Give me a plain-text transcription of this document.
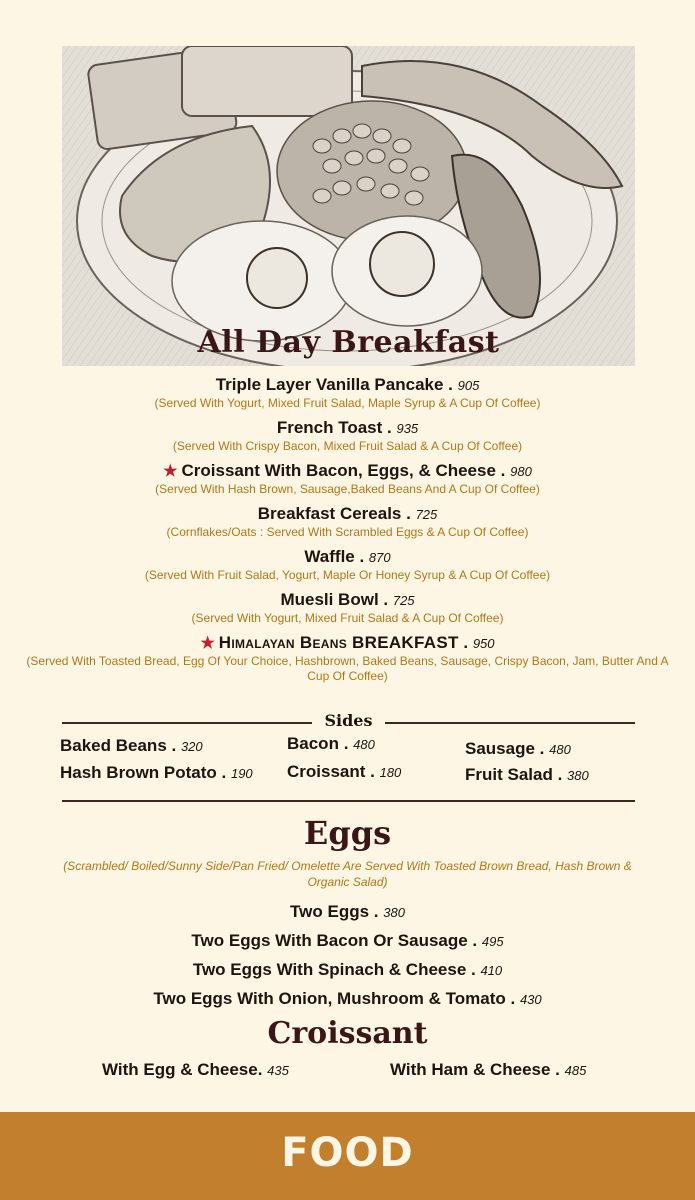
All Day Breakfast
Triple Layer Vanilla Pancake . 905
(Served With Yogurt, Mixed Fruit Salad, Maple Syrup & A Cup Of Coffee)
French Toast . 935
(Served With Crispy Bacon, Mixed Fruit Salad & A Cup Of Coffee)
★ Croissant With Bacon, Eggs, & Cheese . 980
(Served With Hash Brown, Sausage,Baked Beans And A Cup Of Coffee)
Breakfast Cereals . 725
(Cornflakes/Oats : Served With Scrambled Eggs & A Cup Of Coffee)
Waffle . 870
(Served With Fruit Salad, Yogurt, Maple Or Honey Syrup & A Cup Of Coffee)
Muesli Bowl . 725
(Served With Yogurt, Mixed Fruit Salad & A Cup Of Coffee)
★ Himalayan Beans BREAKFAST . 950
(Served With Toasted Bread, Egg Of Your Choice, Hashbrown, Baked Beans, Sausage, Crispy Bacon, Jam, Butter And A Cup Of Coffee)
Sides
Baked Beans . 320	Bacon . 480	Sausage . 480
Hash Brown Potato . 190 Croissant . 180	Fruit Salad . 380
Eggs
(Scrambled/ Boiled/Sunny Side/Pan Fried/ Omelette Are Served With Toasted Brown Bread, Hash Brown & Organic Salad)
Two Eggs . 380
Two Eggs With Bacon Or Sausage . 495
Two Eggs With Spinach & Cheese . 410
Two Eggs With Onion, Mushroom & Tomato . 430
Croissant
With Egg & Cheese. 435	With Ham & Cheese . 485
FOOD
